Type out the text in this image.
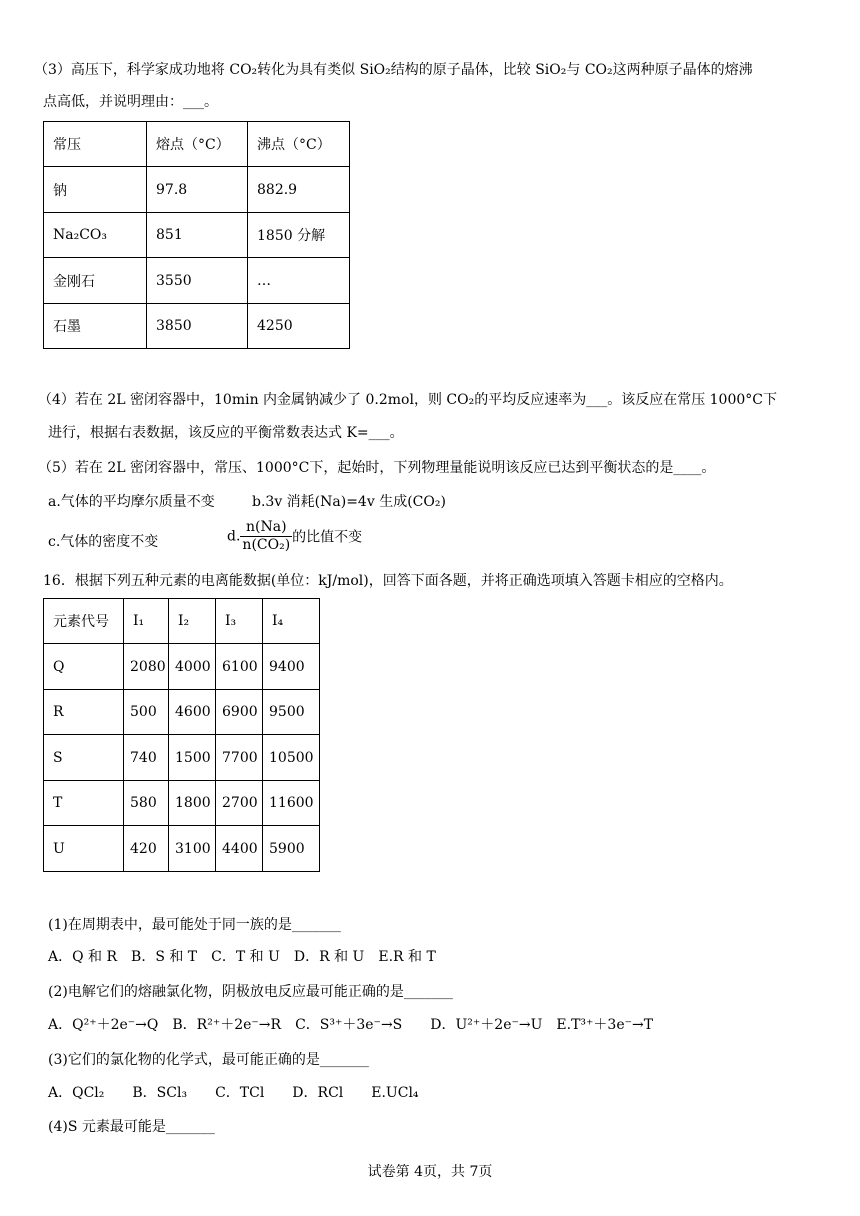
（3）高压下，科学家成功地将 CO₂转化为具有类似 SiO₂结构的原子晶体，比较 SiO₂与 CO₂这两种原子晶体的熔沸
点高低，并说明理由：___。
常压	熔点（°C）	沸点（°C）
钠	97.8	882.9
Na₂CO₃	851	1850 分解
金刚石	3550	…
石墨	3850	4250
（4）若在 2L 密闭容器中，10min 内金属钠减少了 0.2mol，则 CO₂的平均反应速率为___。该反应在常压 1000°C下
进行，根据右表数据，该反应的平衡常数表达式 K=___。
（5）若在 2L 密闭容器中，常压、1000°C下，起始时，下列物理量能说明该反应已达到平衡状态的是____。
a.气体的平均摩尔质量不变	b.3v 消耗(Na)=4v 生成(CO₂)
c.气体的密度不变	d. $\frac{n(Na)}{\text{n(CO₂)}}$ 的比值不变
16．根据下列五种元素的电离能数据(单位：kJ/mol)，回答下面各题，并将正确选项填入答题卡相应的空格内。
元素代号	I₁	I₂	I₃	I₄
Q	2080	4000	6100	9400
R	500	4600	6900	9500
S	740	1500	7700	10500
T	580	1800	2700	11600
U	420	3100	4400	5900
(1)在周期表中，最可能处于同一族的是_______
A．Q 和 R　B．S 和 T　C．T 和 U　D．R 和 U　E.R 和 T
(2)电解它们的熔融氯化物，阴极放电反应最可能正确的是_______
A．Q²⁺＋2e⁻→Q　B．R²⁺＋2e⁻→R　C．S³⁺＋3e⁻→S　　D．U²⁺＋2e⁻→U　E.T³⁺＋3e⁻→T
(3)它们的氯化物的化学式，最可能正确的是_______
A．QCl₂　　B．SCl₃　　C．TCl　　D．RCl　　E.UCl₄
(4)S 元素最可能是_______
试卷第 4页，共 7页
